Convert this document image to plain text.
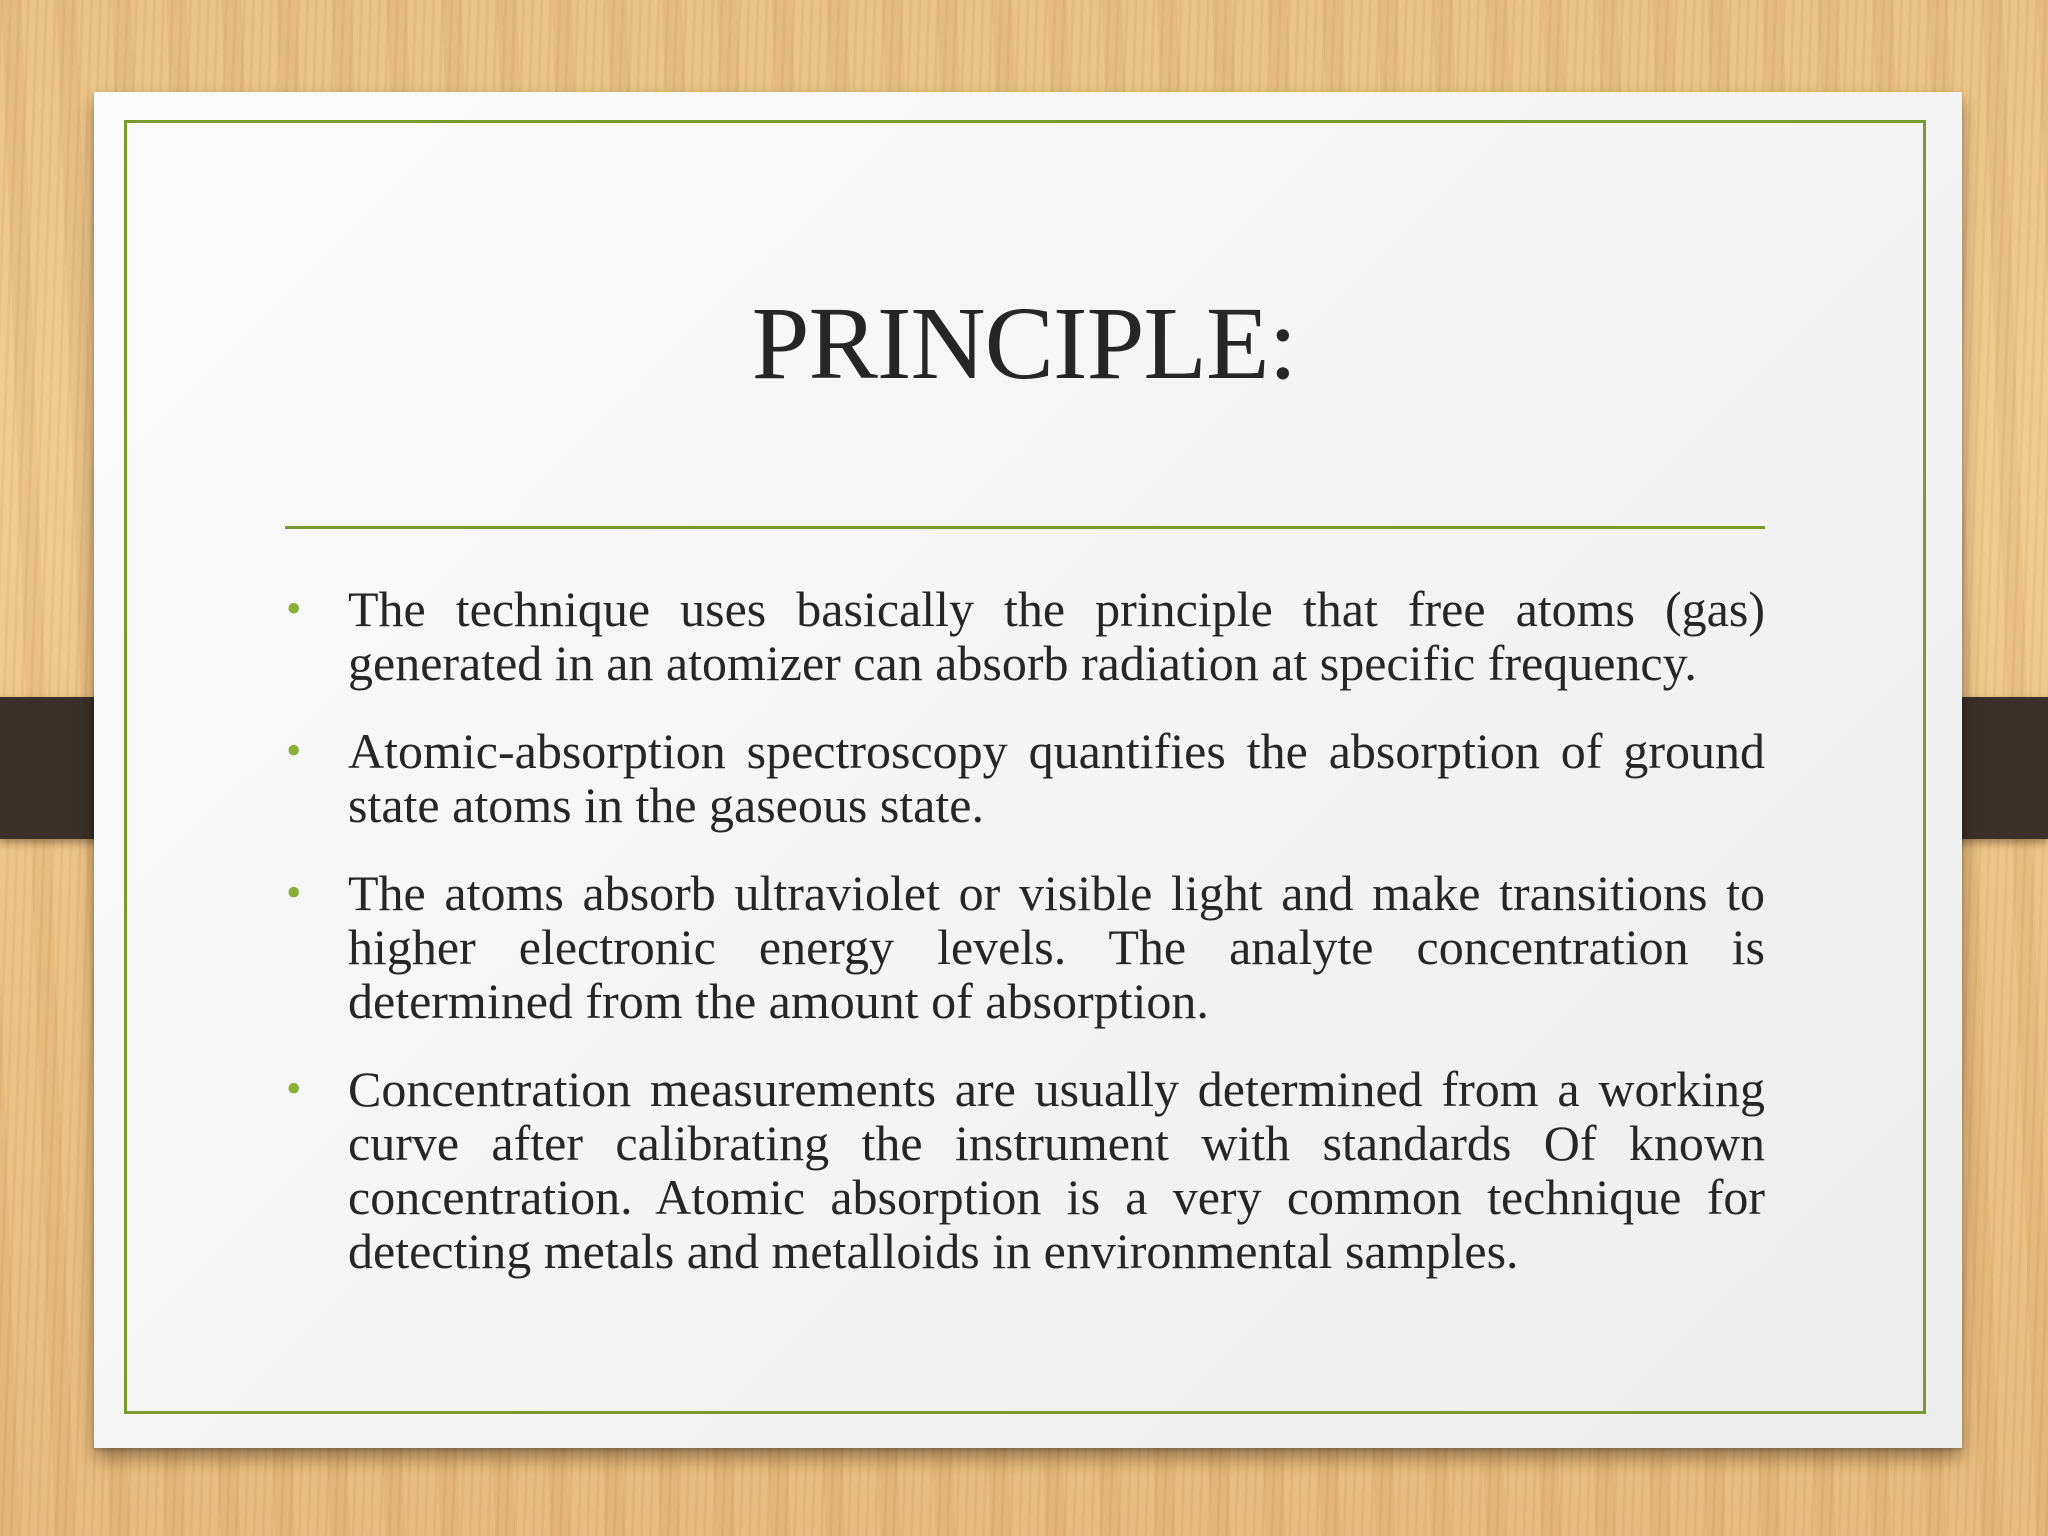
PRINCIPLE:
• The technique uses basically the principle that free atoms (gas) generated in an atomizer can absorb radiation at specific frequency.
• Atomic-absorption spectroscopy quantifies the absorption of ground state atoms in the gaseous state.
• The atoms absorb ultraviolet or visible light and make transitions to higher electronic energy levels. The analyte concentration is determined from the amount of absorption.
• Concentration measurements are usually determined from a working curve after calibrating the instrument with standards Of known concentration. Atomic absorption is a very common technique for detecting metals and metalloids in environmental samples.
